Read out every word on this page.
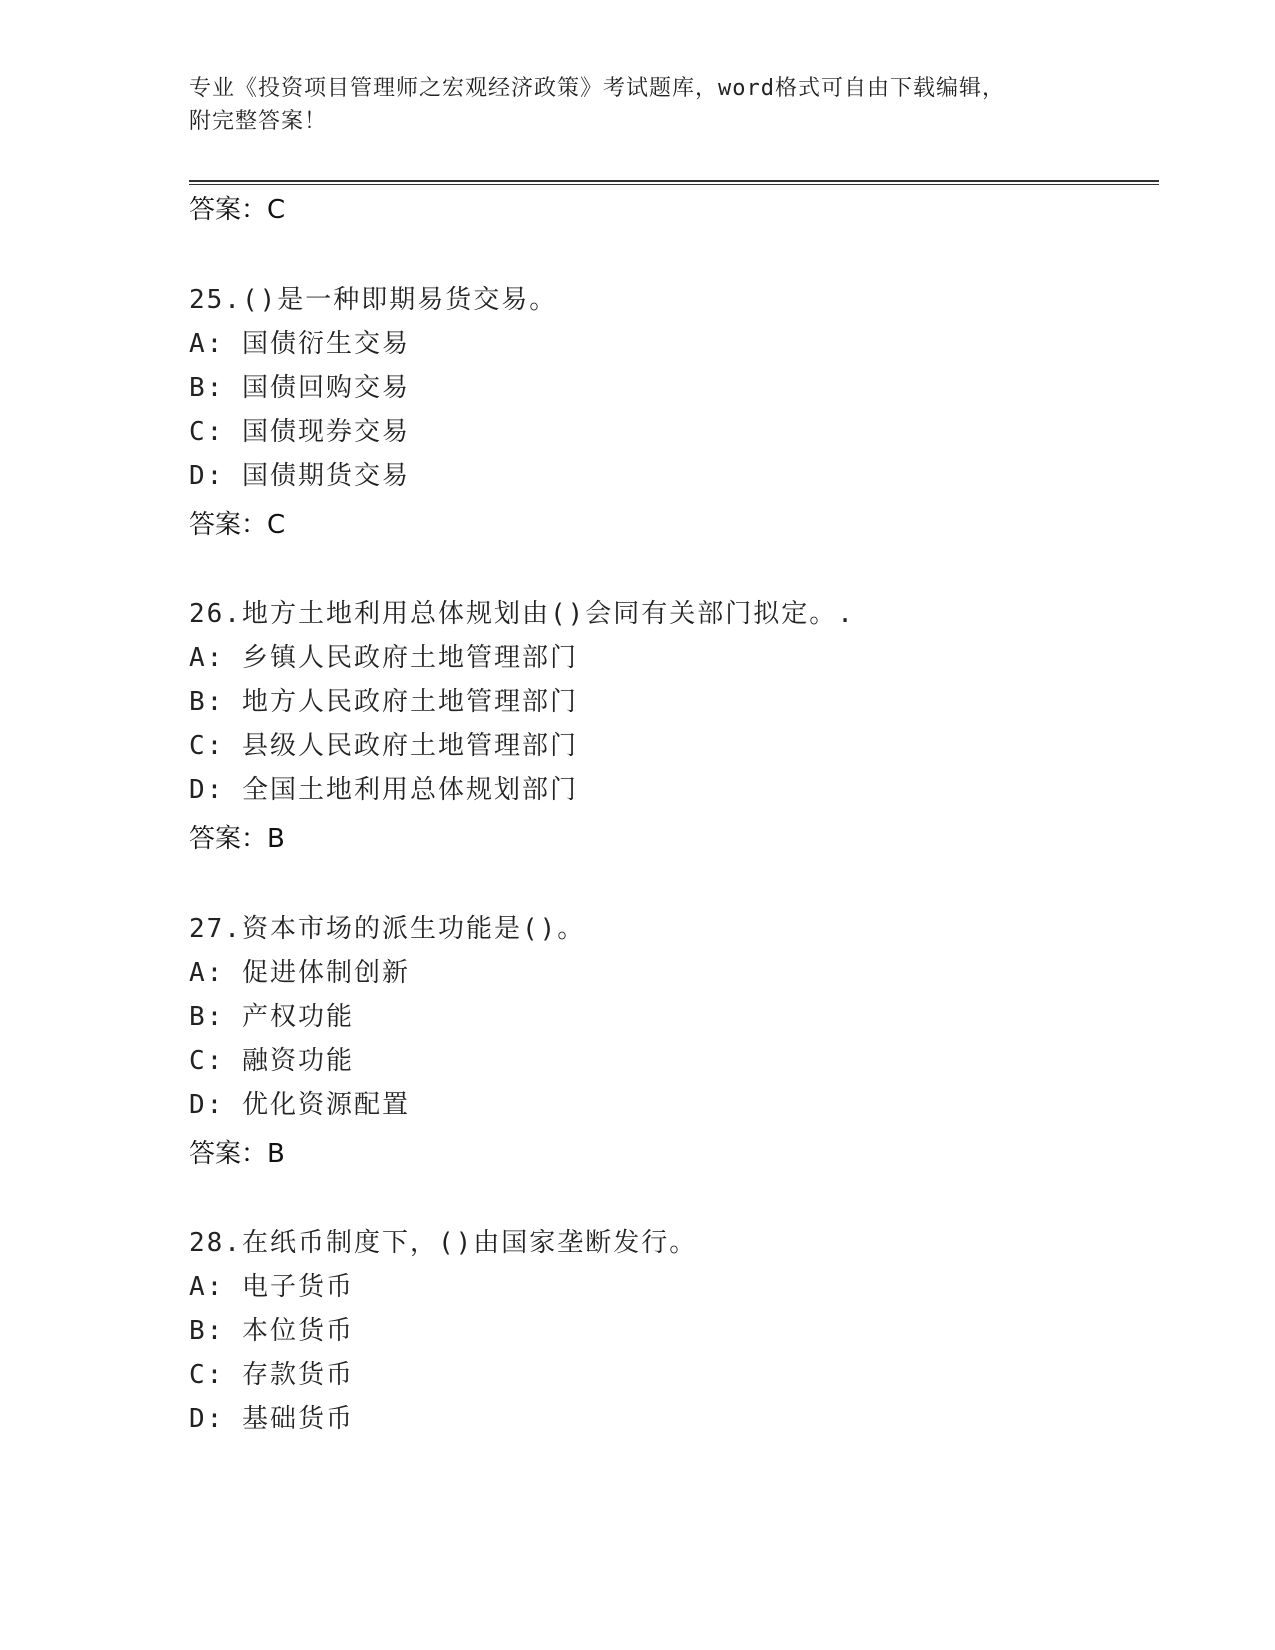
专业《投资项目管理师之宏观经济政策》考试题库，word格式可自由下载编辑，
附完整答案！
答案：C
25.()是一种即期易货交易。
A: 国债衍生交易
B: 国债回购交易
C: 国债现券交易
D: 国债期货交易
答案：C
26.地方土地利用总体规划由()会同有关部门拟定。.
A: 乡镇人民政府土地管理部门
B: 地方人民政府土地管理部门
C: 县级人民政府土地管理部门
D: 全国土地利用总体规划部门
答案：B
27.资本市场的派生功能是()。
A: 促进体制创新
B: 产权功能
C: 融资功能
D: 优化资源配置
答案：B
28.在纸币制度下，()由国家垄断发行。
A: 电子货币
B: 本位货币
C: 存款货币
D: 基础货币
